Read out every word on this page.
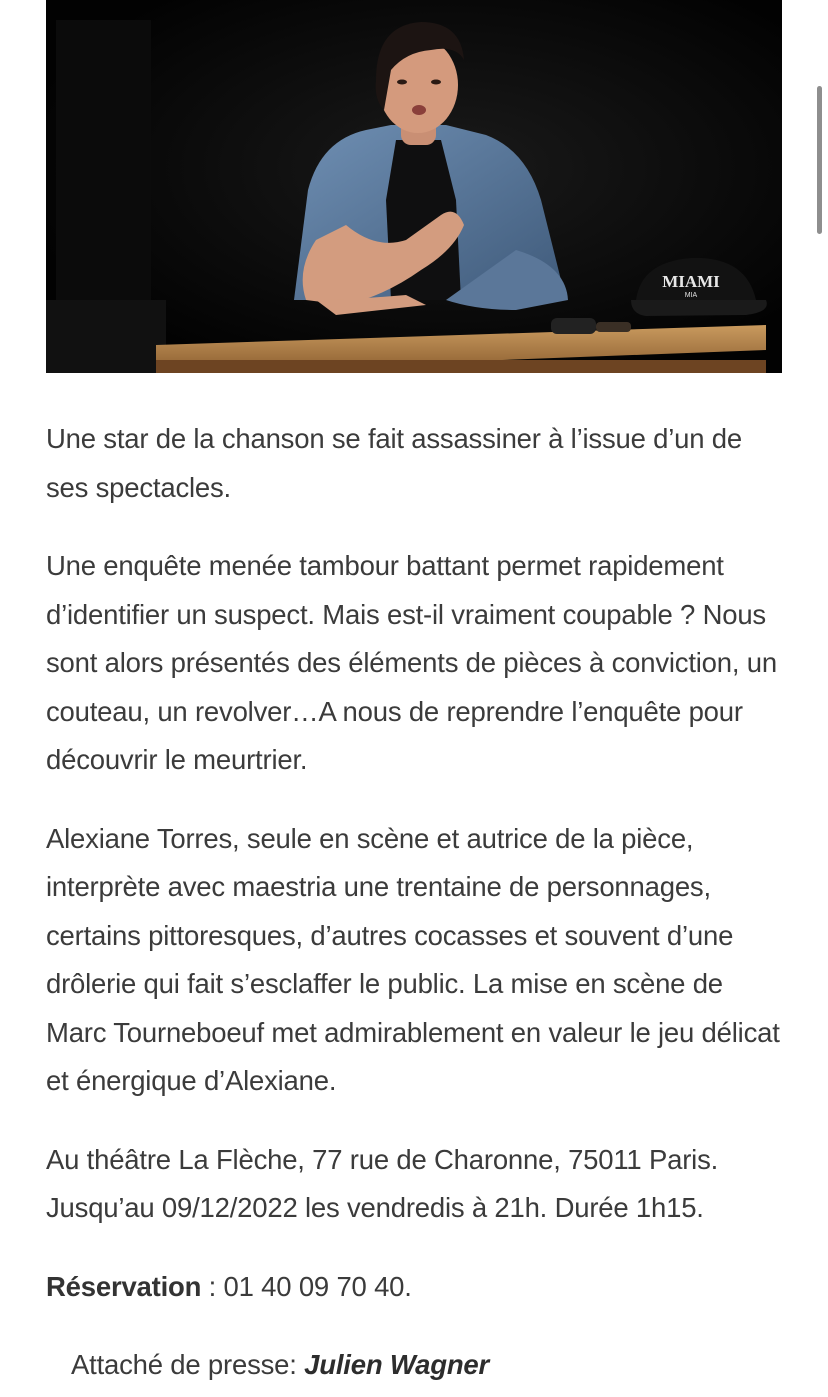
MIAMI
MIA

Une star de la chanson se fait assassiner à l’issue d’un de ses spectacles.

Une enquête menée tambour battant permet rapidement d’identifier un suspect. Mais est-il vraiment coupable ? Nous sont alors présentés des éléments de pièces à conviction, un couteau, un revolver…A nous de reprendre l’enquête pour découvrir le meurtrier.

Alexiane Torres, seule en scène et autrice de la pièce, interprète avec maestria une trentaine de personnages, certains pittoresques, d’autres cocasses et souvent d’une drôlerie qui fait s’esclaffer le public. La mise en scène de Marc Tourneboeuf met admirablement en valeur le jeu délicat et énergique d’Alexiane.

Au théâtre La Flèche, 77 rue de Charonne, 75011 Paris. Jusqu’au 09/12/2022 les vendredis à 21h. Durée 1h15.

Réservation : 01 40 09 70 40.

Attaché de presse: Julien Wagner
